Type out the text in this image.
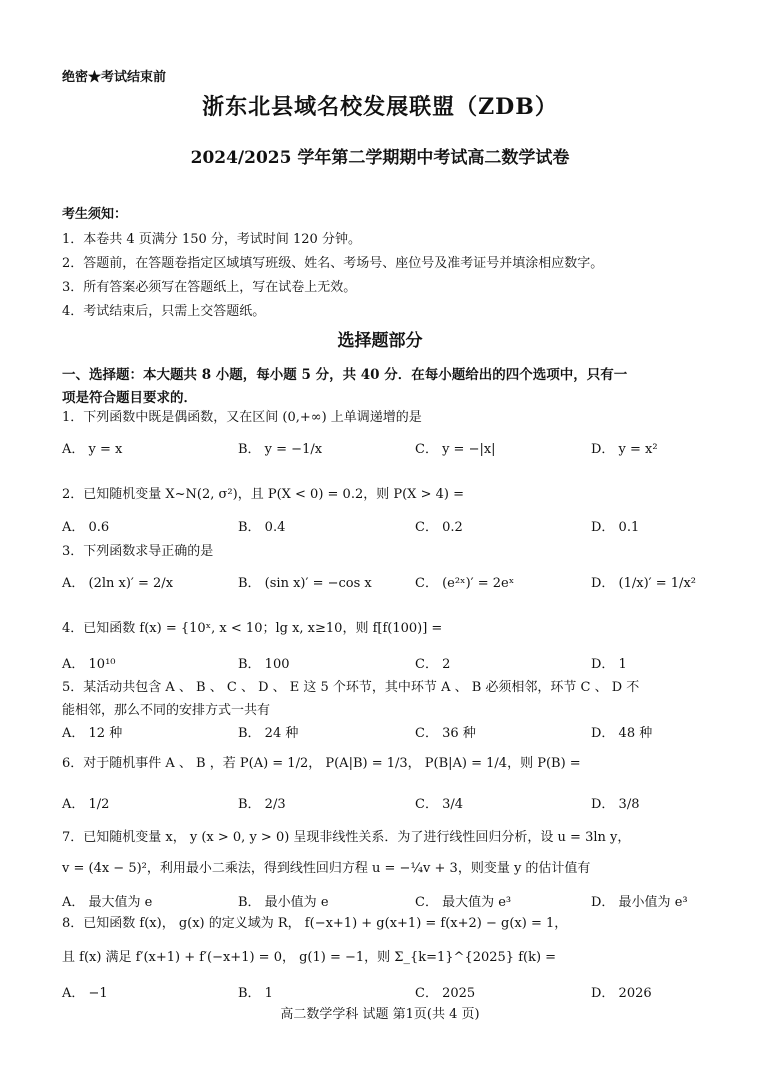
绝密★考试结束前
浙东北县域名校发展联盟（ZDB）
2024/2025 学年第二学期期中考试高二数学试卷
考生须知：
1．本卷共 4 页满分 150 分，考试时间 120 分钟。
2．答题前，在答题卷指定区域填写班级、姓名、考场号、座位号及准考证号并填涂相应数字。
3．所有答案必须写在答题纸上，写在试卷上无效。
4．考试结束后，只需上交答题纸。
选择题部分
一、选择题：本大题共 8 小题，每小题 5 分，共 40 分．在每小题给出的四个选项中，只有一
项是符合题目要求的．
1．下列函数中既是偶函数，又在区间 (0,+∞) 上单调递增的是
A． y = x	B． y = −1/x	C． y = −|x|	D． y = x²
2．已知随机变量 X~N(2, σ²)，且 P(X < 0) = 0.2，则 P(X > 4) =
A． 0.6	B． 0.4	C． 0.2	D． 0.1
3．下列函数求导正确的是
A． (2ln x)′ = 2/x	B． (sin x)′ = −cos x	C． (e²ˣ)′ = 2eˣ	D． (1/x)′ = 1/x²
4．已知函数 f(x) = {10ˣ, x < 10；lg x, x≥10，则 f[f(100)] =
A． 10¹⁰	B． 100	C． 2	D． 1
5．某活动共包含 A 、 B 、 C 、 D 、 E 这 5 个环节，其中环节 A 、 B 必须相邻，环节 C 、 D 不
能相邻，那么不同的安排方式一共有
A． 12 种	B． 24 种	C． 36 种	D． 48 种
6．对于随机事件 A 、 B ，若 P(A) = 1/2， P(A|B) = 1/3， P(B|A) = 1/4，则 P(B) =
A． 1/2	B． 2/3	C． 3/4	D． 3/8
7．已知随机变量 x， y (x > 0, y > 0) 呈现非线性关系．为了进行线性回归分析，设 u = 3ln y，
v = (4x − 5)²，利用最小二乘法，得到线性回归方程 u = −¼v + 3，则变量 y 的估计值有
A． 最大值为 e	B． 最小值为 e	C． 最大值为 e³	D． 最小值为 e³
8．已知函数 f(x)， g(x) 的定义域为 R， f(−x+1) + g(x+1) = f(x+2) − g(x) = 1，
且 f(x) 满足 f′(x+1) + f′(−x+1) = 0， g(1) = −1，则 Σ_{k=1}^{2025} f(k) =
A． −1	B． 1	C． 2025	D． 2026
高二数学学科 试题 第1页(共 4 页)
